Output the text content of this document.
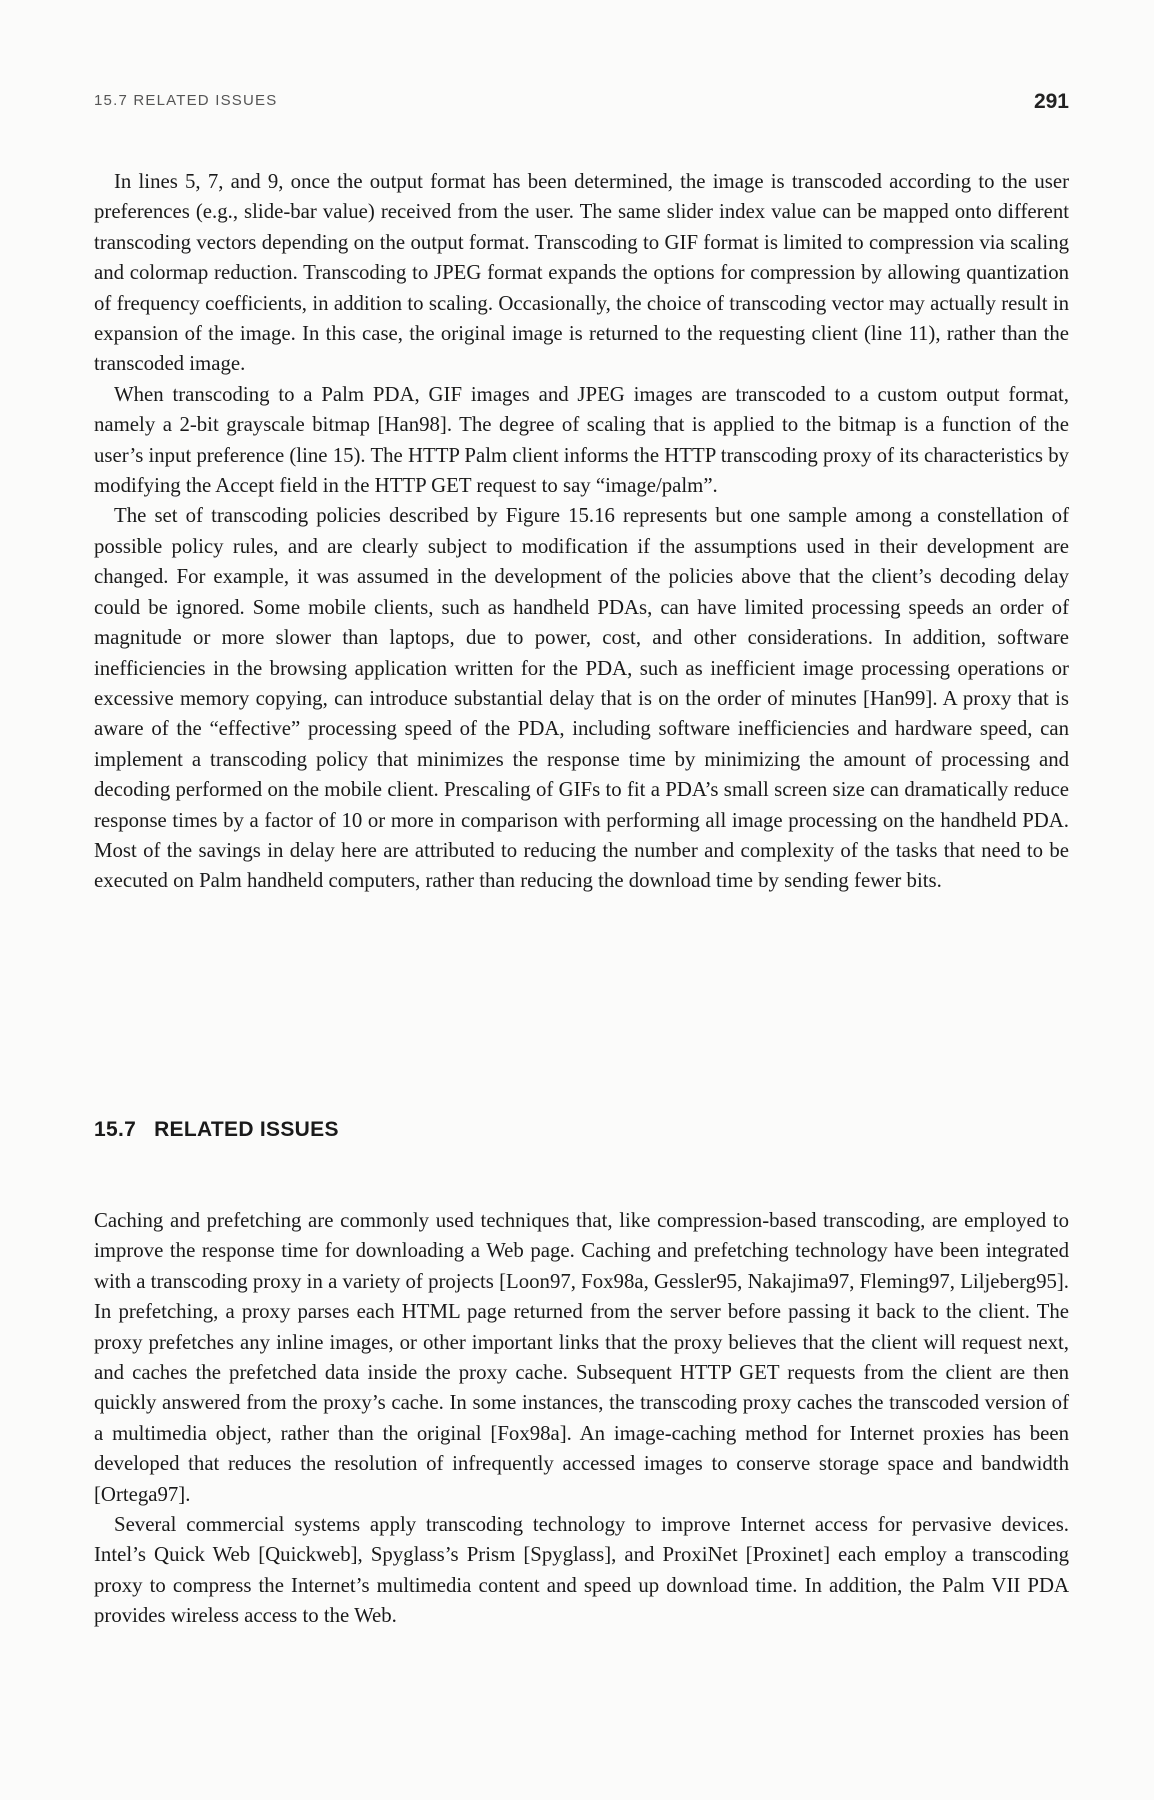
15.7 RELATED ISSUES	291

In lines 5, 7, and 9, once the output format has been determined, the image is transcoded according to the user preferences (e.g., slide-bar value) received from the user. The same slider index value can be mapped onto different transcoding vectors depending on the output format. Transcoding to GIF format is limited to compression via scaling and colormap reduction. Transcoding to JPEG format expands the options for compression by allowing quantization of frequency coefficients, in addition to scaling. Occasionally, the choice of transcoding vector may actually result in expansion of the image. In this case, the original image is returned to the requesting client (line 11), rather than the transcoded image.

When transcoding to a Palm PDA, GIF images and JPEG images are transcoded to a custom output format, namely a 2-bit grayscale bitmap [Han98]. The degree of scaling that is applied to the bitmap is a function of the user’s input preference (line 15). The HTTP Palm client informs the HTTP transcoding proxy of its characteristics by modifying the Accept field in the HTTP GET request to say “image/palm”.

The set of transcoding policies described by Figure 15.16 represents but one sample among a constellation of possible policy rules, and are clearly subject to modification if the assumptions used in their development are changed. For example, it was assumed in the development of the policies above that the client’s decoding delay could be ignored. Some mobile clients, such as handheld PDAs, can have limited processing speeds an order of magnitude or more slower than laptops, due to power, cost, and other considerations. In addition, software inefficiencies in the browsing application written for the PDA, such as inefficient image processing operations or excessive memory copying, can introduce substantial delay that is on the order of minutes [Han99]. A proxy that is aware of the “effective” processing speed of the PDA, including software inefficiencies and hardware speed, can implement a transcoding policy that minimizes the response time by minimizing the amount of processing and decoding performed on the mobile client. Prescaling of GIFs to fit a PDA’s small screen size can dramatically reduce response times by a factor of 10 or more in comparison with performing all image processing on the handheld PDA. Most of the savings in delay here are attributed to reducing the number and complexity of the tasks that need to be executed on Palm handheld computers, rather than reducing the download time by sending fewer bits.

15.7 RELATED ISSUES

Caching and prefetching are commonly used techniques that, like compression-based transcoding, are employed to improve the response time for downloading a Web page. Caching and prefetching technology have been integrated with a transcoding proxy in a variety of projects [Loon97, Fox98a, Gessler95, Nakajima97, Fleming97, Liljeberg95]. In prefetching, a proxy parses each HTML page returned from the server before passing it back to the client. The proxy prefetches any inline images, or other important links that the proxy believes that the client will request next, and caches the prefetched data inside the proxy cache. Subsequent HTTP GET requests from the client are then quickly answered from the proxy’s cache. In some instances, the transcoding proxy caches the transcoded version of a multimedia object, rather than the original [Fox98a]. An image-caching method for Internet proxies has been developed that reduces the resolution of infrequently accessed images to conserve storage space and bandwidth [Ortega97].

Several commercial systems apply transcoding technology to improve Internet access for pervasive devices. Intel’s Quick Web [Quickweb], Spyglass’s Prism [Spyglass], and ProxiNet [Proxinet] each employ a transcoding proxy to compress the Internet’s multimedia content and speed up download time. In addition, the Palm VII PDA provides wireless access to the Web.
